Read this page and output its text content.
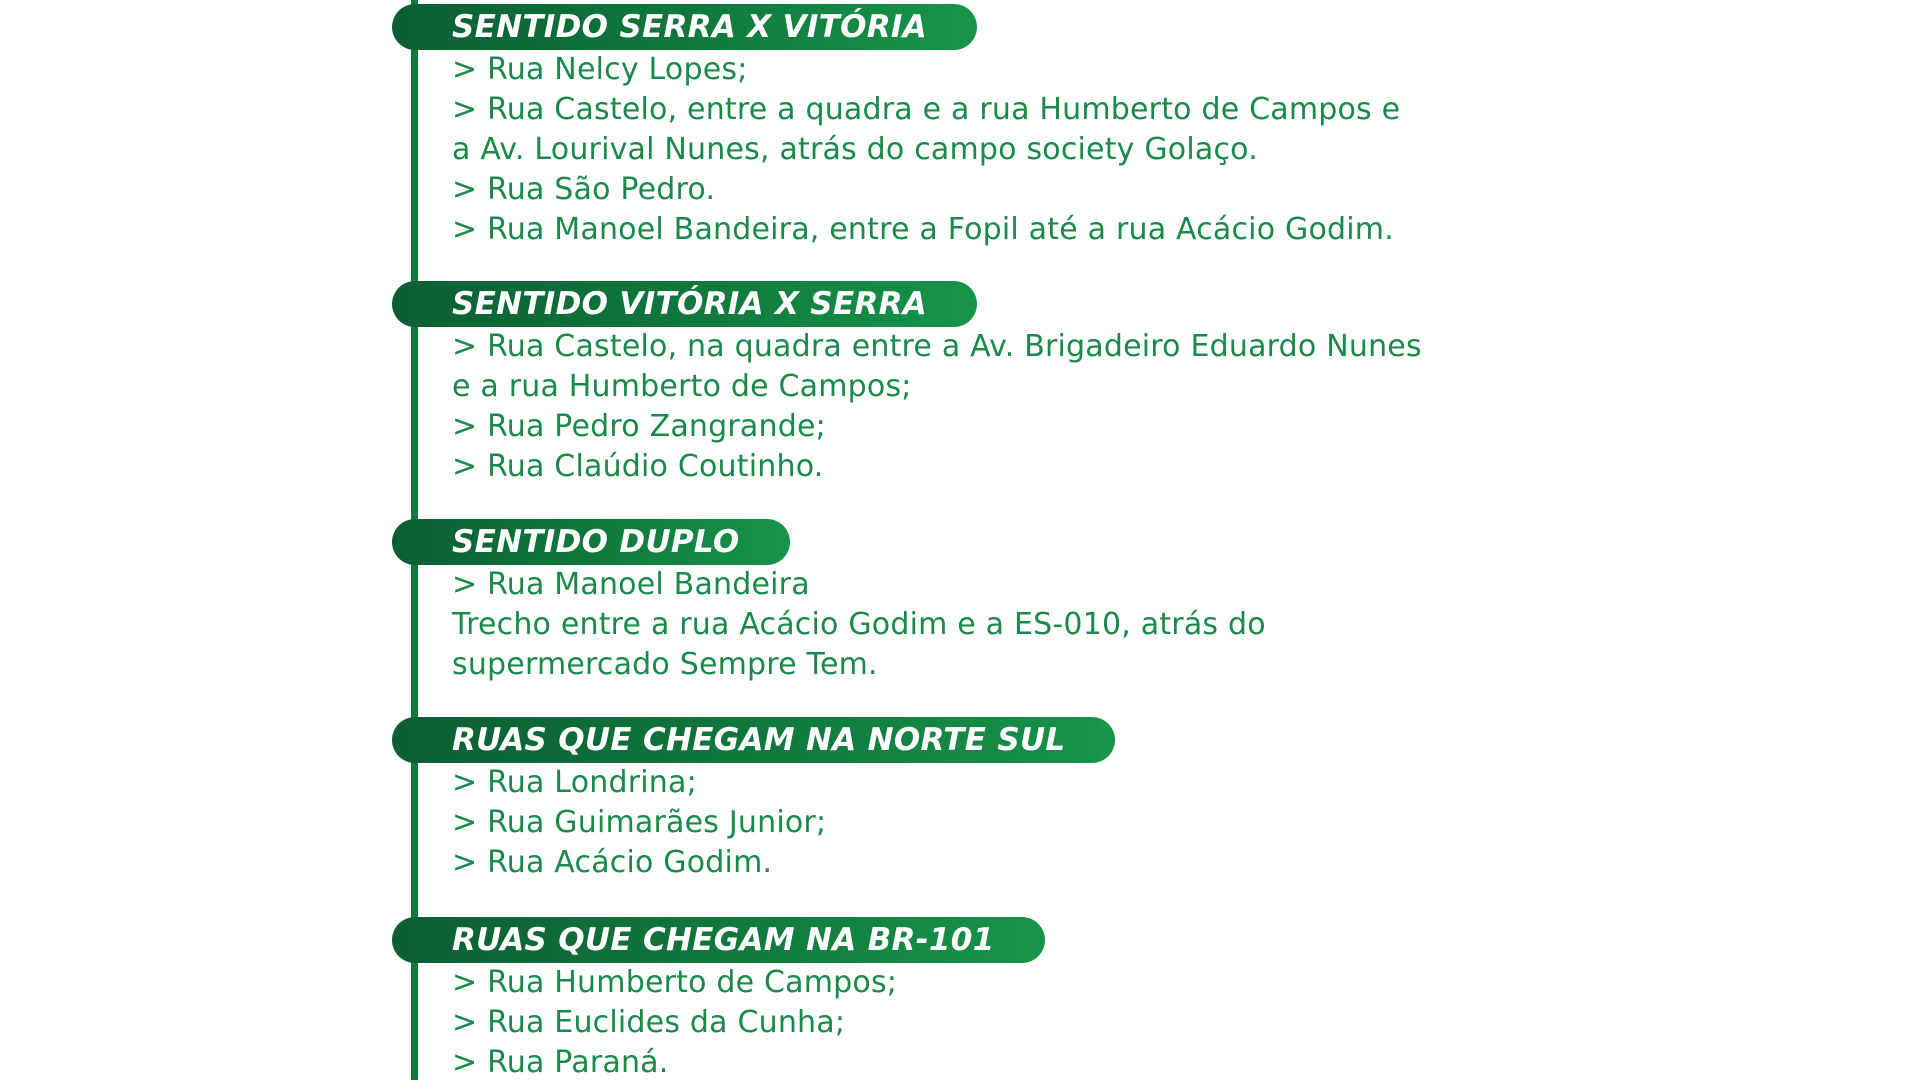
SENTIDO SERRA X VITÓRIA
> Rua Nelcy Lopes;
> Rua Castelo, entre a quadra e a rua Humberto de Campos e
a Av. Lourival Nunes, atrás do campo society Golaço.
> Rua São Pedro.
> Rua Manoel Bandeira, entre a Fopil até a rua Acácio Godim.
SENTIDO VITÓRIA X SERRA
> Rua Castelo, na quadra entre a Av. Brigadeiro Eduardo Nunes
e a rua Humberto de Campos;
> Rua Pedro Zangrande;
> Rua Claúdio Coutinho.
SENTIDO DUPLO
> Rua Manoel Bandeira
Trecho entre a rua Acácio Godim e a ES-010, atrás do
supermercado Sempre Tem.
RUAS QUE CHEGAM NA NORTE SUL
> Rua Londrina;
> Rua Guimarães Junior;
> Rua Acácio Godim.
RUAS QUE CHEGAM NA BR-101
> Rua Humberto de Campos;
> Rua Euclides da Cunha;
> Rua Paraná.
